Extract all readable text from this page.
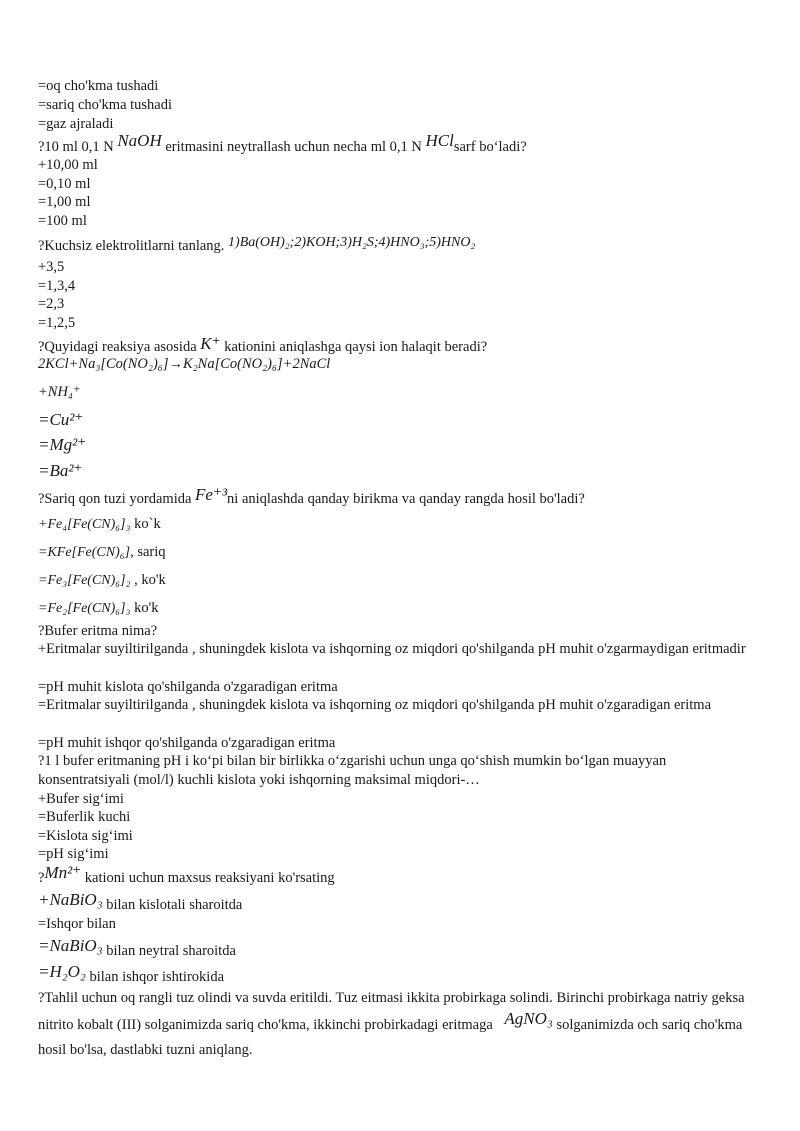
=oq cho'kma tushadi
=sariq cho'kma tushadi
=gaz ajraladi
?10 ml 0,1 N NaOH eritmasini neytrallash uchun necha ml 0,1 N HClsarf bo‘ladi?
+10,00 ml
=0,10 ml
=1,00 ml
=100 ml
?Kuchsiz elektrolitlarni tanlang. 1)Ba(OH)₂;2)KOH;3)H₂S;4)HNO₃;5)HNO₂
+3,5
=1,3,4
=2,3
=1,2,5
?Quyidagi reaksiya asosida K⁺ kationini aniqlashga qaysi ion halaqit beradi?
2KCl+Na₃[Co(NO₂)₆]→K₂Na[Co(NO₂)₆]+2NaCl
+NH₄⁺
=Cu²⁺
=Mg²⁺
=Ba²⁺
?Sariq qon tuzi yordamida Fe⁺³ni aniqlashda qanday birikma va qanday rangda hosil bo'ladi?
+Fe₄[Fe(CN)₆]₃ ko`k
=KFe[Fe(CN)₆], sariq
=Fe₃[Fe(CN)₆]₂ , ko'k
=Fe₂[Fe(CN)₆]₃ ko'k
?Bufer eritma nima?
+Eritmalar suyiltirilganda , shuningdek kislota va ishqorning oz miqdori qo'shilganda pH muhit o'zgarmaydigan eritmadir
=pH muhit kislota qo'shilganda o'zgaradigan eritma
=Eritmalar suyiltirilganda , shuningdek kislota va ishqorning oz miqdori qo'shilganda pH muhit o'zgaradigan eritma
=pH muhit ishqor qo'shilganda o'zgaradigan eritma
?1 l bufer eritmaning pH i ko‘pi bilan bir birlikka o‘zgarishi uchun unga qo‘shish mumkin bo‘lgan muayyan konsentratsiyali (mol/l) kuchli kislota yoki ishqorning maksimal miqdori-…
+Bufer sig‘imi
=Buferlik kuchi
=Kislota sig‘imi
=pH sig‘imi
?Mn²⁺ kationi uchun maxsus reaksiyani ko'rsating
+NaBiO₃ bilan kislotali sharoitda
=Ishqor bilan
=NaBiO₃ bilan neytral sharoitda
=H₂O₂ bilan ishqor ishtirokida
?Tahlil uchun oq rangli tuz olindi va suvda eritildi. Tuz eitmasi ikkita probirkaga solindi. Birinchi probirkaga natriy geksa nitrito kobalt (III) solganimizda sariq cho'kma, ikkinchi probirkadagi eritmaga AgNO₃ solganimizda och sariq cho'kma hosil bo'lsa, dastlabki tuzni aniqlang.
